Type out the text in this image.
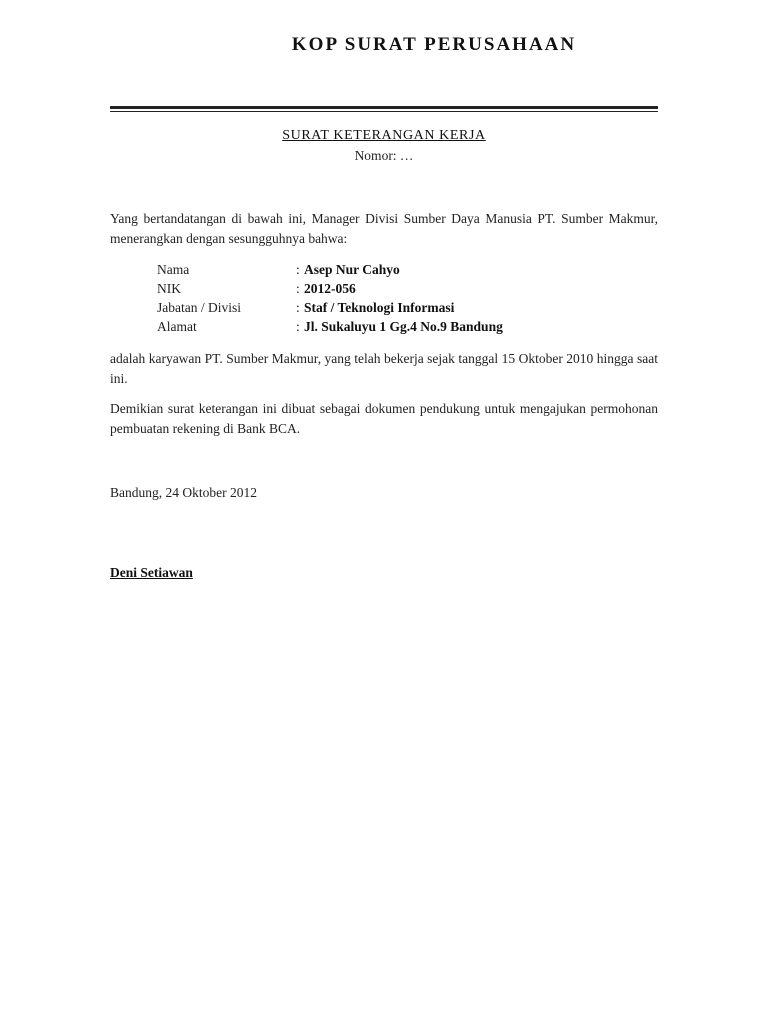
KOP SURAT PERUSAHAAN
SURAT KETERANGAN KERJA
Nomor: …
Yang bertandatangan di bawah ini, Manager Divisi Sumber Daya Manusia PT. Sumber Makmur, menerangkan dengan sesungguhnya bahwa:
Nama	: Asep Nur Cahyo
NIK	: 2012-056
Jabatan / Divisi	: Staf / Teknologi Informasi
Alamat	: Jl. Sukaluyu 1 Gg.4 No.9 Bandung
adalah karyawan PT. Sumber Makmur, yang telah bekerja sejak tanggal 15 Oktober 2010 hingga saat ini.
Demikian surat keterangan ini dibuat sebagai dokumen pendukung untuk mengajukan permohonan pembuatan rekening di Bank BCA.
Bandung, 24 Oktober 2012
Deni Setiawan
